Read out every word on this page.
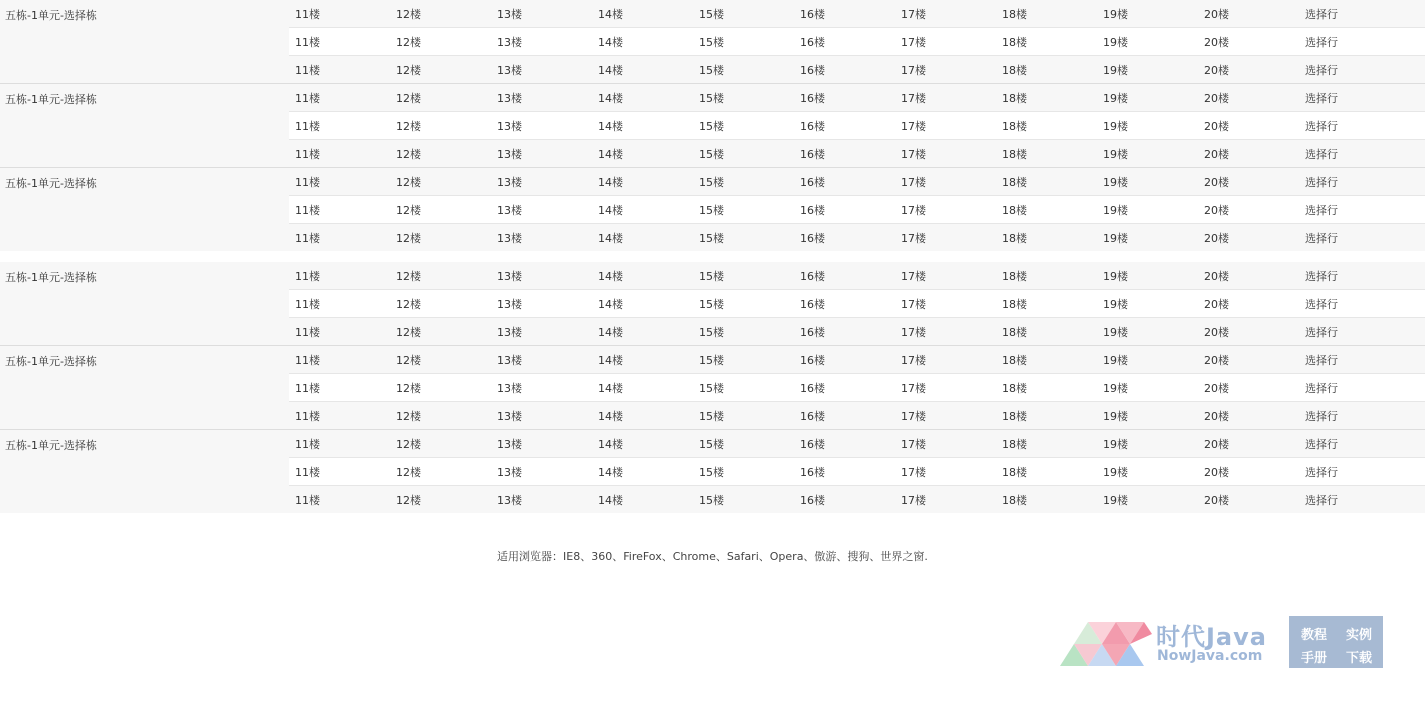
五栋-1单元-选择栋	11楼	12楼	13楼	14楼	15楼	16楼	17楼	18楼	19楼	20楼	选择行
	11楼	12楼	13楼	14楼	15楼	16楼	17楼	18楼	19楼	20楼	选择行
	11楼	12楼	13楼	14楼	15楼	16楼	17楼	18楼	19楼	20楼	选择行
五栋-1单元-选择栋	11楼	12楼	13楼	14楼	15楼	16楼	17楼	18楼	19楼	20楼	选择行
	11楼	12楼	13楼	14楼	15楼	16楼	17楼	18楼	19楼	20楼	选择行
	11楼	12楼	13楼	14楼	15楼	16楼	17楼	18楼	19楼	20楼	选择行
五栋-1单元-选择栋	11楼	12楼	13楼	14楼	15楼	16楼	17楼	18楼	19楼	20楼	选择行
	11楼	12楼	13楼	14楼	15楼	16楼	17楼	18楼	19楼	20楼	选择行
	11楼	12楼	13楼	14楼	15楼	16楼	17楼	18楼	19楼	20楼	选择行
五栋-1单元-选择栋	11楼	12楼	13楼	14楼	15楼	16楼	17楼	18楼	19楼	20楼	选择行
	11楼	12楼	13楼	14楼	15楼	16楼	17楼	18楼	19楼	20楼	选择行
	11楼	12楼	13楼	14楼	15楼	16楼	17楼	18楼	19楼	20楼	选择行
五栋-1单元-选择栋	11楼	12楼	13楼	14楼	15楼	16楼	17楼	18楼	19楼	20楼	选择行
	11楼	12楼	13楼	14楼	15楼	16楼	17楼	18楼	19楼	20楼	选择行
	11楼	12楼	13楼	14楼	15楼	16楼	17楼	18楼	19楼	20楼	选择行
五栋-1单元-选择栋	11楼	12楼	13楼	14楼	15楼	16楼	17楼	18楼	19楼	20楼	选择行
	11楼	12楼	13楼	14楼	15楼	16楼	17楼	18楼	19楼	20楼	选择行
	11楼	12楼	13楼	14楼	15楼	16楼	17楼	18楼	19楼	20楼	选择行
适用浏览器：IE8、360、FireFox、Chrome、Safari、Opera、傲游、搜狗、世界之窗.
时代Java
NowJava.com
教程 实例
手册 下载
